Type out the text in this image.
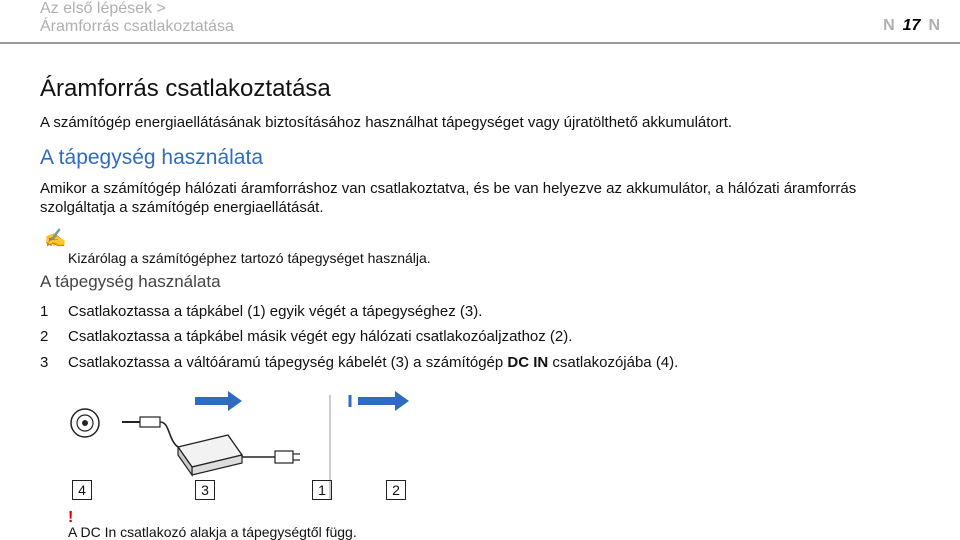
Az első lépések >
Áramforrás csatlakoztatása	N 17 N
Áramforrás csatlakoztatása
A számítógép energiaellátásának biztosításához használhat tápegységet vagy újratölthető akkumulátort.
A tápegység használata
Amikor a számítógép hálózati áramforráshoz van csatlakoztatva, és be van helyezve az akkumulátor, a hálózati áramforrás
szolgáltatja a számítógép energiaellátását.
✍
Kizárólag a számítógéphez tartozó tápegységet használja.
A tápegység használata
1	Csatlakoztassa a tápkábel (1) egyik végét a tápegységhez (3).
2	Csatlakoztassa a tápkábel másik végét egy hálózati csatlakozóaljzathoz (2).
3	Csatlakoztassa a váltóáramú tápegység kábelét (3) a számítógép DC IN csatlakozójába (4).
4	3	1	2
!
A DC In csatlakozó alakja a tápegységtől függ.
